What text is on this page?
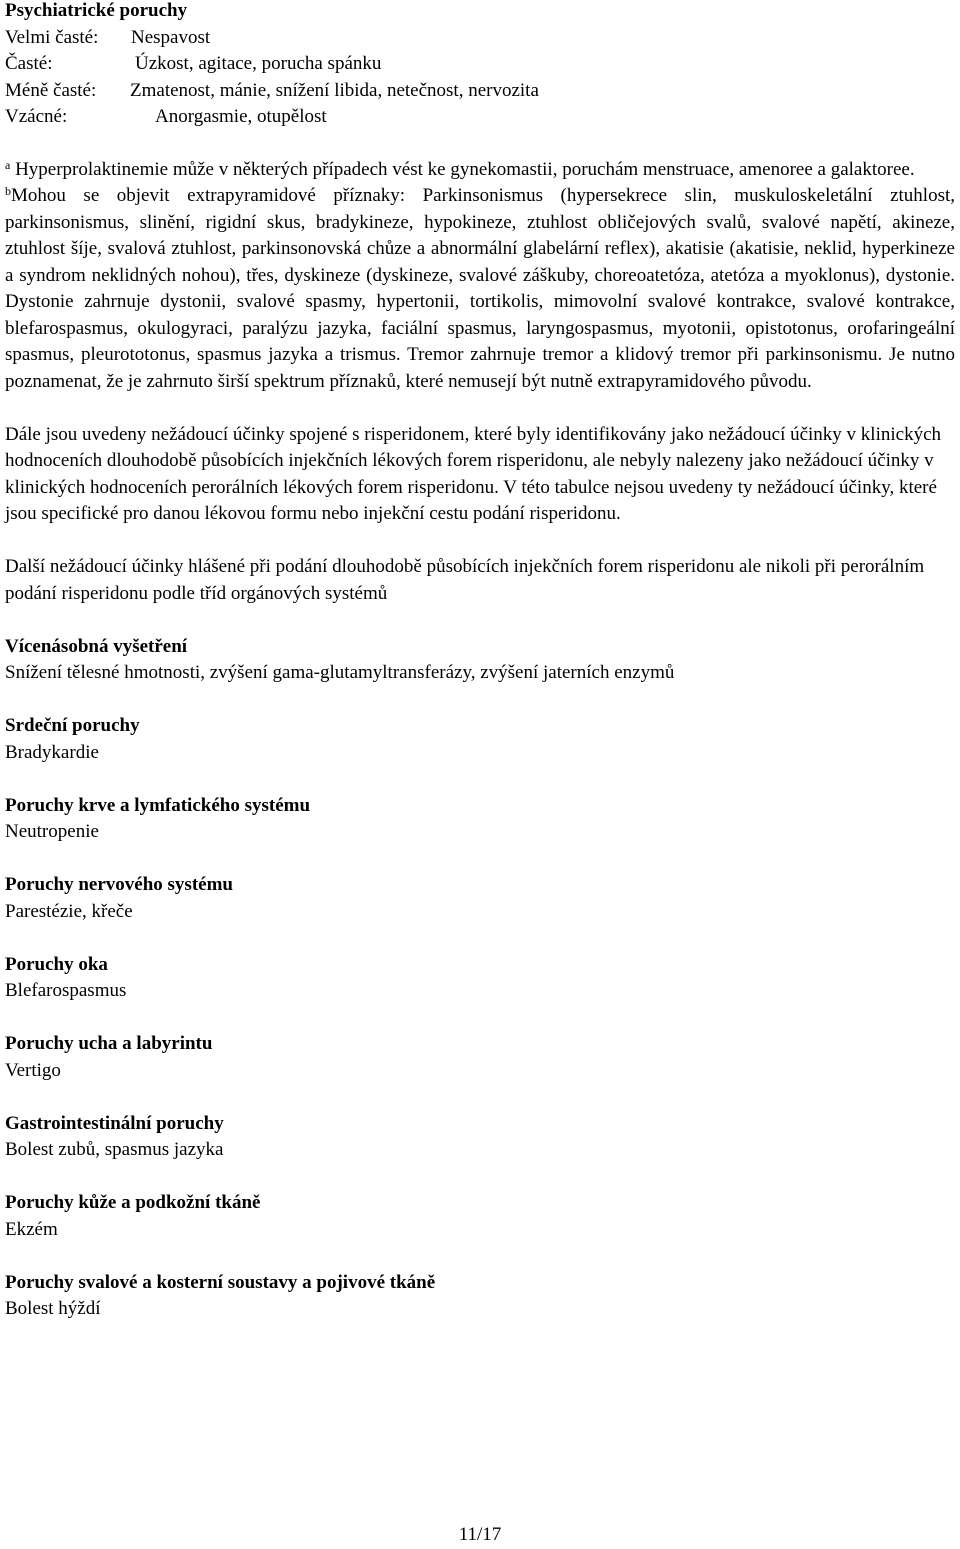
Psychiatrické poruchy
Velmi časté:	Nespavost
Časté:	Úzkost, agitace, porucha spánku
Méně časté:	Zmatenost, mánie, snížení libida, netečnost, nervozita
Vzácné:	Anorgasmie, otupělost
$^a$ Hyperprolaktinemie může v některých případech vést ke gynekomastii, poruchám menstruace, amenoree a galaktoree.
$^b$Mohou se objevit extrapyramidové příznaky: Parkinsonismus (hypersekrece slin, muskuloskeletální ztuhlost, parkinsonismus, slinění, rigidní skus, bradykineze, hypokineze, ztuhlost obličejových svalů, svalové napětí, akineze, ztuhlost šíje, svalová ztuhlost, parkinsonovská chůze a abnormální glabelární reflex), akatisie (akatisie, neklid, hyperkineze a syndrom neklidných nohou), třes, dyskineze (dyskineze, svalové záškuby, choreoatetóza, atetóza a myoklonus), dystonie. Dystonie zahrnuje dystonii, svalové spasmy, hypertonii, tortikolis, mimovolní svalové kontrakce, svalové kontrakce, blefarospasmus, okulogyraci, paralýzu jazyka, faciální spasmus, laryngospasmus, myotonii, opistotonus, orofaringeální spasmus, pleurototonus, spasmus jazyka a trismus. Tremor zahrnuje tremor a klidový tremor při parkinsonismu. Je nutno poznamenat, že je zahrnuto širší spektrum příznaků, které nemusejí být nutně extrapyramidového původu.
Dále jsou uvedeny nežádoucí účinky spojené s risperidonem, které byly identifikovány jako nežádoucí účinky v klinických hodnoceních dlouhodobě působících injekčních lékových forem risperidonu, ale nebyly nalezeny jako nežádoucí účinky v klinických hodnoceních perorálních lékových forem risperidonu. V této tabulce nejsou uvedeny ty nežádoucí účinky, které jsou specifické pro danou lékovou formu nebo injekční cestu podání risperidonu.
Další nežádoucí účinky hlášené při podání dlouhodobě působících injekčních forem risperidonu ale nikoli při perorálním podání risperidonu podle tříd orgánových systémů
Vícenásobná vyšetření
Snížení tělesné hmotnosti, zvýšení gama-glutamyltransferázy, zvýšení jaterních enzymů
Srdeční poruchy
Bradykardie
Poruchy krve a lymfatického systému
Neutropenie
Poruchy nervového systému
Parestézie, křeče
Poruchy oka
Blefarospasmus
Poruchy ucha a labyrintu
Vertigo
Gastrointestinální poruchy
Bolest zubů, spasmus jazyka
Poruchy kůže a podkožní tkáně
Ekzém
Poruchy svalové a kosterní soustavy a pojivové tkáně
Bolest hýždí
11/17
